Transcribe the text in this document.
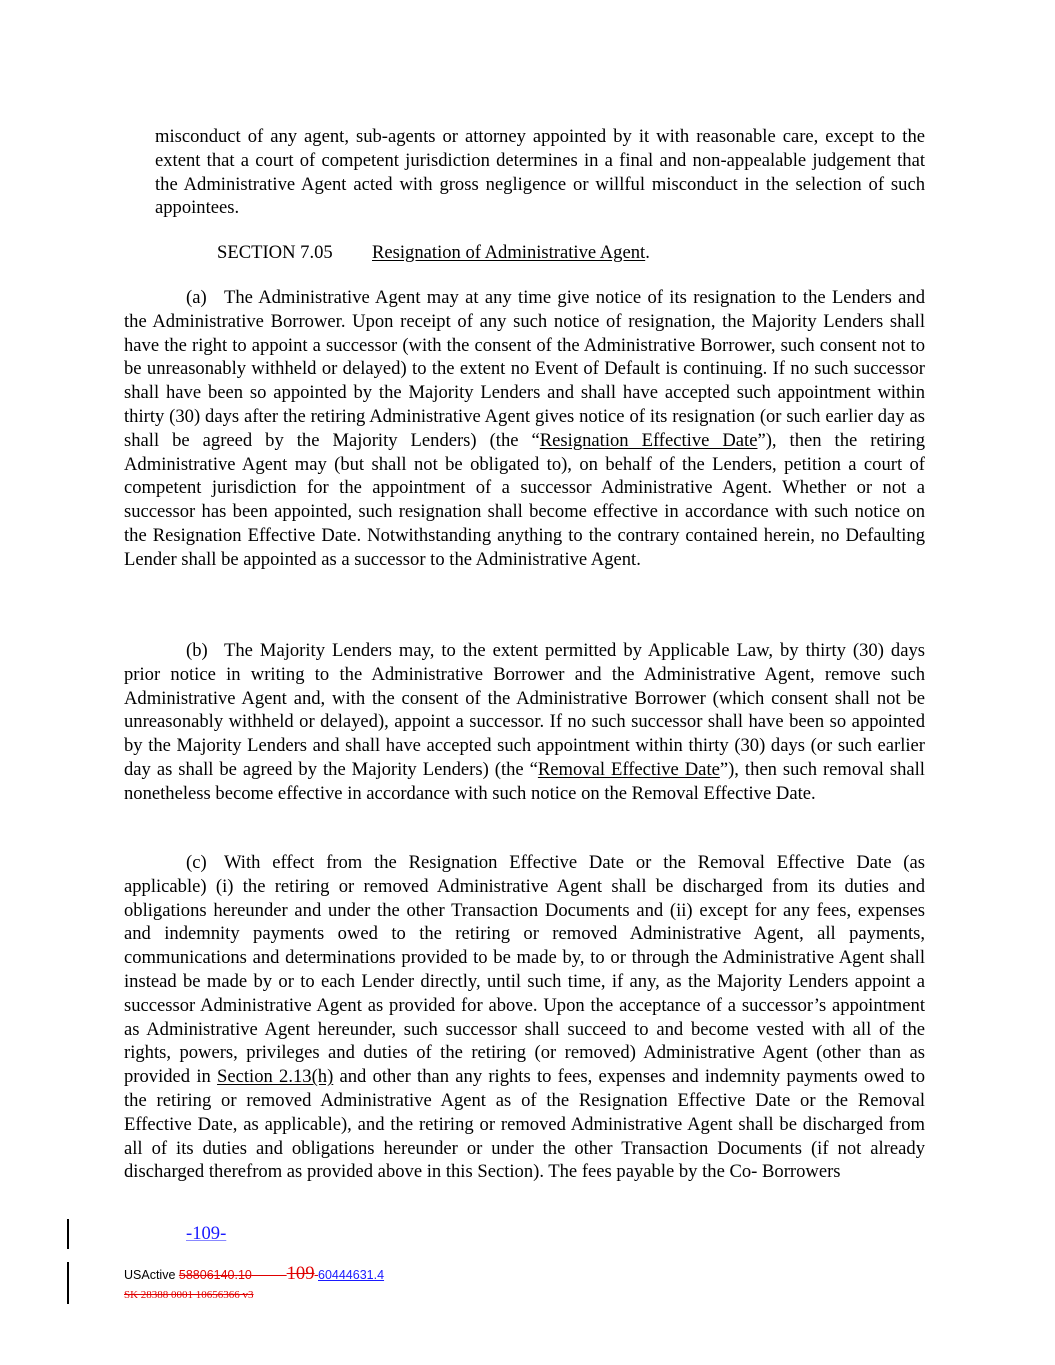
misconduct of any agent, sub-agents or attorney appointed by it with reasonable care, except to the extent that a court of competent jurisdiction determines in a final and non-appealable judgement that the Administrative Agent acted with gross negligence or willful misconduct in the selection of such appointees.

SECTION 7.05 Resignation of Administrative Agent.

(a) The Administrative Agent may at any time give notice of its resignation to the Lenders and the Administrative Borrower. Upon receipt of any such notice of resignation, the Majority Lenders shall have the right to appoint a successor (with the consent of the Administrative Borrower, such consent not to be unreasonably withheld or delayed) to the extent no Event of Default is continuing. If no such successor shall have been so appointed by the Majority Lenders and shall have accepted such appointment within thirty (30) days after the retiring Administrative Agent gives notice of its resignation (or such earlier day as shall be agreed by the Majority Lenders) (the “Resignation Effective Date”), then the retiring Administrative Agent may (but shall not be obligated to), on behalf of the Lenders, petition a court of competent jurisdiction for the appointment of a successor Administrative Agent. Whether or not a successor has been appointed, such resignation shall become effective in accordance with such notice on the Resignation Effective Date. Notwithstanding anything to the contrary contained herein, no Defaulting Lender shall be appointed as a successor to the Administrative Agent.

(b) The Majority Lenders may, to the extent permitted by Applicable Law, by thirty (30) days prior notice in writing to the Administrative Borrower and the Administrative Agent, remove such Administrative Agent and, with the consent of the Administrative Borrower (which consent shall not be unreasonably withheld or delayed), appoint a successor. If no such successor shall have been so appointed by the Majority Lenders and shall have accepted such appointment within thirty (30) days (or such earlier day as shall be agreed by the Majority Lenders) (the “Removal Effective Date”), then such removal shall nonetheless become effective in accordance with such notice on the Removal Effective Date.

(c) With effect from the Resignation Effective Date or the Removal Effective Date (as applicable) (i) the retiring or removed Administrative Agent shall be discharged from its duties and obligations hereunder and under the other Transaction Documents and (ii) except for any fees, expenses and indemnity payments owed to the retiring or removed Administrative Agent, all payments, communications and determinations provided to be made by, to or through the Administrative Agent shall instead be made by or to each Lender directly, until such time, if any, as the Majority Lenders appoint a successor Administrative Agent as provided for above. Upon the acceptance of a successor’s appointment as Administrative Agent hereunder, such successor shall succeed to and become vested with all of the rights, powers, privileges and duties of the retiring (or removed) Administrative Agent (other than as provided in Section 2.13(h) and other than any rights to fees, expenses and indemnity payments owed to the retiring or removed Administrative Agent as of the Resignation Effective Date or the Removal Effective Date, as applicable), and the retiring or removed Administrative Agent shall be discharged from all of its duties and obligations hereunder or under the other Transaction Documents (if not already discharged therefrom as provided above in this Section). The fees payable by the Co- Borrowers

-109-
USActive 58806140.10 109 60444631.4
SK 28388 0001 10656366 v3
